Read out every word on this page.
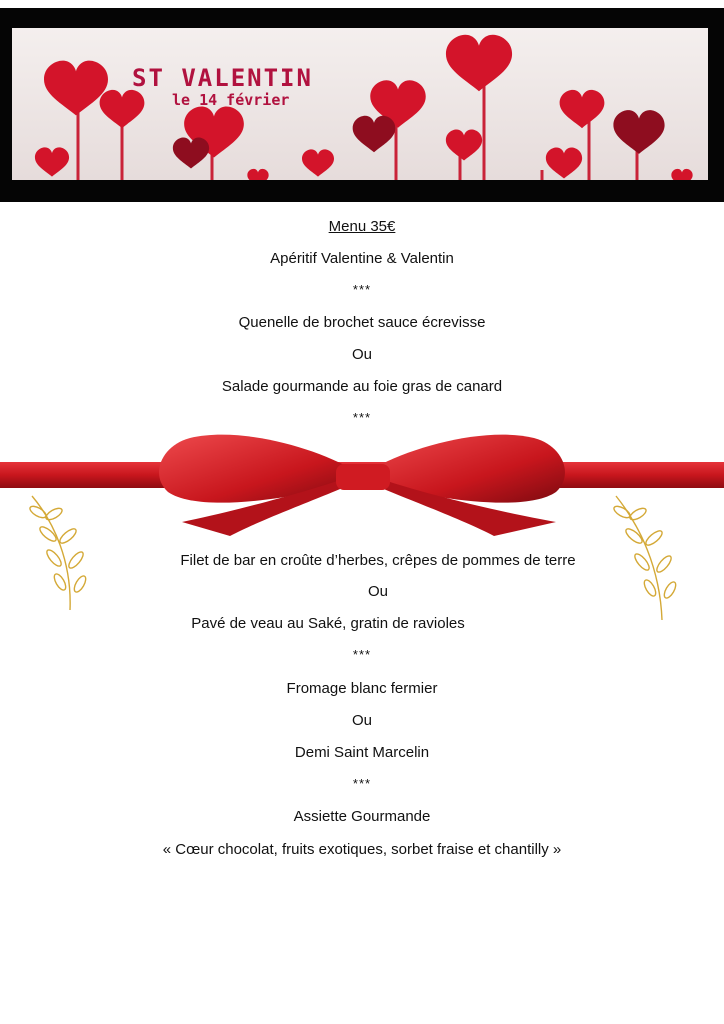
ST VALENTIN

le 14 février

Menu 35€

Apéritif Valentine & Valentin

***

Quenelle de brochet sauce écrevisse

Ou

Salade gourmande au foie gras de canard

***

Filet de bar en croûte d’herbes, crêpes de pommes de terre

Ou

Pavé de veau au Saké, gratin de ravioles

***

Fromage blanc fermier

Ou

Demi Saint Marcelin

***

Assiette Gourmande

« Cœur chocolat, fruits exotiques, sorbet fraise et chantilly »
